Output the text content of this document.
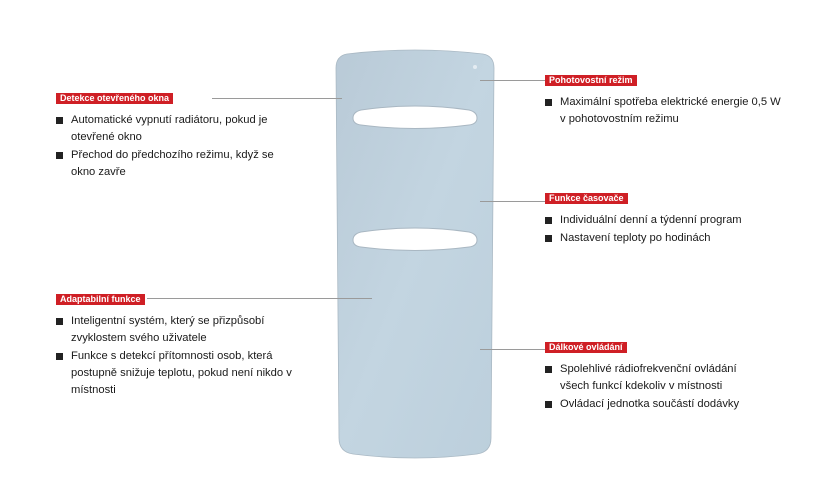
Detekce otevřeného okna
Automatické vypnutí radiátoru, pokud je otevřené okno
Přechod do předchozího režimu, když se okno zavře
Pohotovostní režim
Maximální spotřeba elektrické energie 0,5 W v pohotovostním režimu
Funkce časovače
Individuální denní a týdenní program
Nastavení teploty po hodinách
Adaptabilní funkce
Inteligentní systém, který se přizpůsobí zvyklostem svého uživatele
Funkce s detekcí přítomnosti osob, která postupně snižuje teplotu, pokud není nikdo v místnosti
Dálkové ovládání
Spolehlivé rádiofrekvenční ovládání všech funkcí kdekoliv v místnosti
Ovládací jednotka součástí dodávky
